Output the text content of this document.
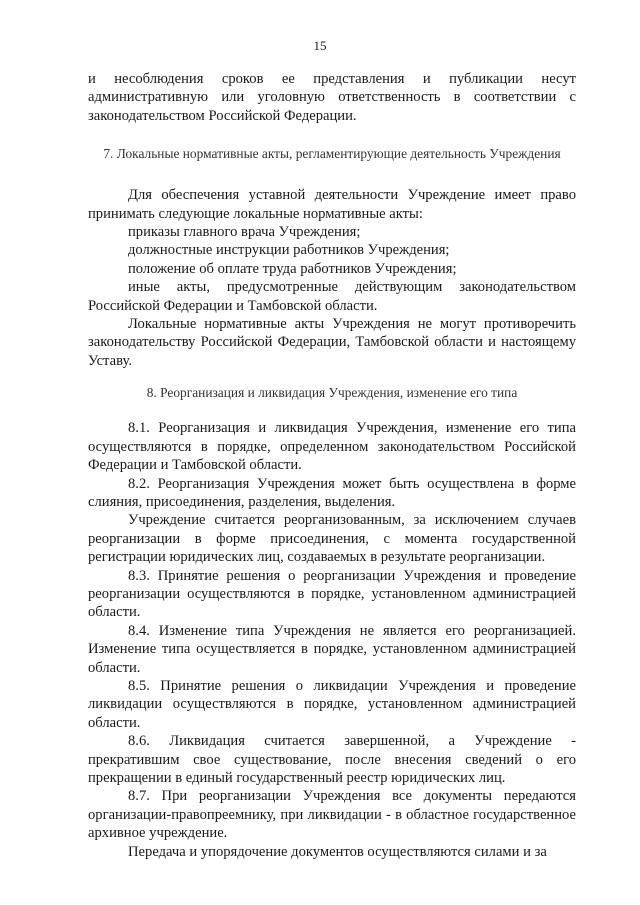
15

и несоблюдения сроков ее представления и публикации несут административную или уголовную ответственность в соответствии с законодательством Российской Федерации.

7. Локальные нормативные акты, регламентирующие деятельность Учреждения

Для обеспечения уставной деятельности Учреждение имеет право принимать следующие локальные нормативные акты:

приказы главного врача Учреждения;

должностные инструкции работников Учреждения;

положение об оплате труда работников Учреждения;

иные акты, предусмотренные действующим законодательством Российской Федерации и Тамбовской области.

Локальные нормативные акты Учреждения не могут противоречить законодательству Российской Федерации, Тамбовской области и настоящему Уставу.

8. Реорганизация и ликвидация Учреждения, изменение его типа

8.1. Реорганизация и ликвидация Учреждения, изменение его типа осуществляются в порядке, определенном законодательством Российской Федерации и Тамбовской области.

8.2. Реорганизация Учреждения может быть осуществлена в форме слияния, присоединения, разделения, выделения.

Учреждение считается реорганизованным, за исключением случаев реорганизации в форме присоединения, с момента государственной регистрации юридических лиц, создаваемых в результате реорганизации.

8.3. Принятие решения о реорганизации Учреждения и проведение реорганизации осуществляются в порядке, установленном администрацией области.

8.4. Изменение типа Учреждения не является его реорганизацией. Изменение типа осуществляется в порядке, установленном администрацией области.

8.5. Принятие решения о ликвидации Учреждения и проведение ликвидации осуществляются в порядке, установленном администрацией области.

8.6. Ликвидация считается завершенной, а Учреждение - прекратившим свое существование, после внесения сведений о его прекращении в единый государственный реестр юридических лиц.

8.7. При реорганизации Учреждения все документы передаются организации-правопреемнику, при ликвидации - в областное государственное архивное учреждение.

Передача и упорядочение документов осуществляются силами и за
